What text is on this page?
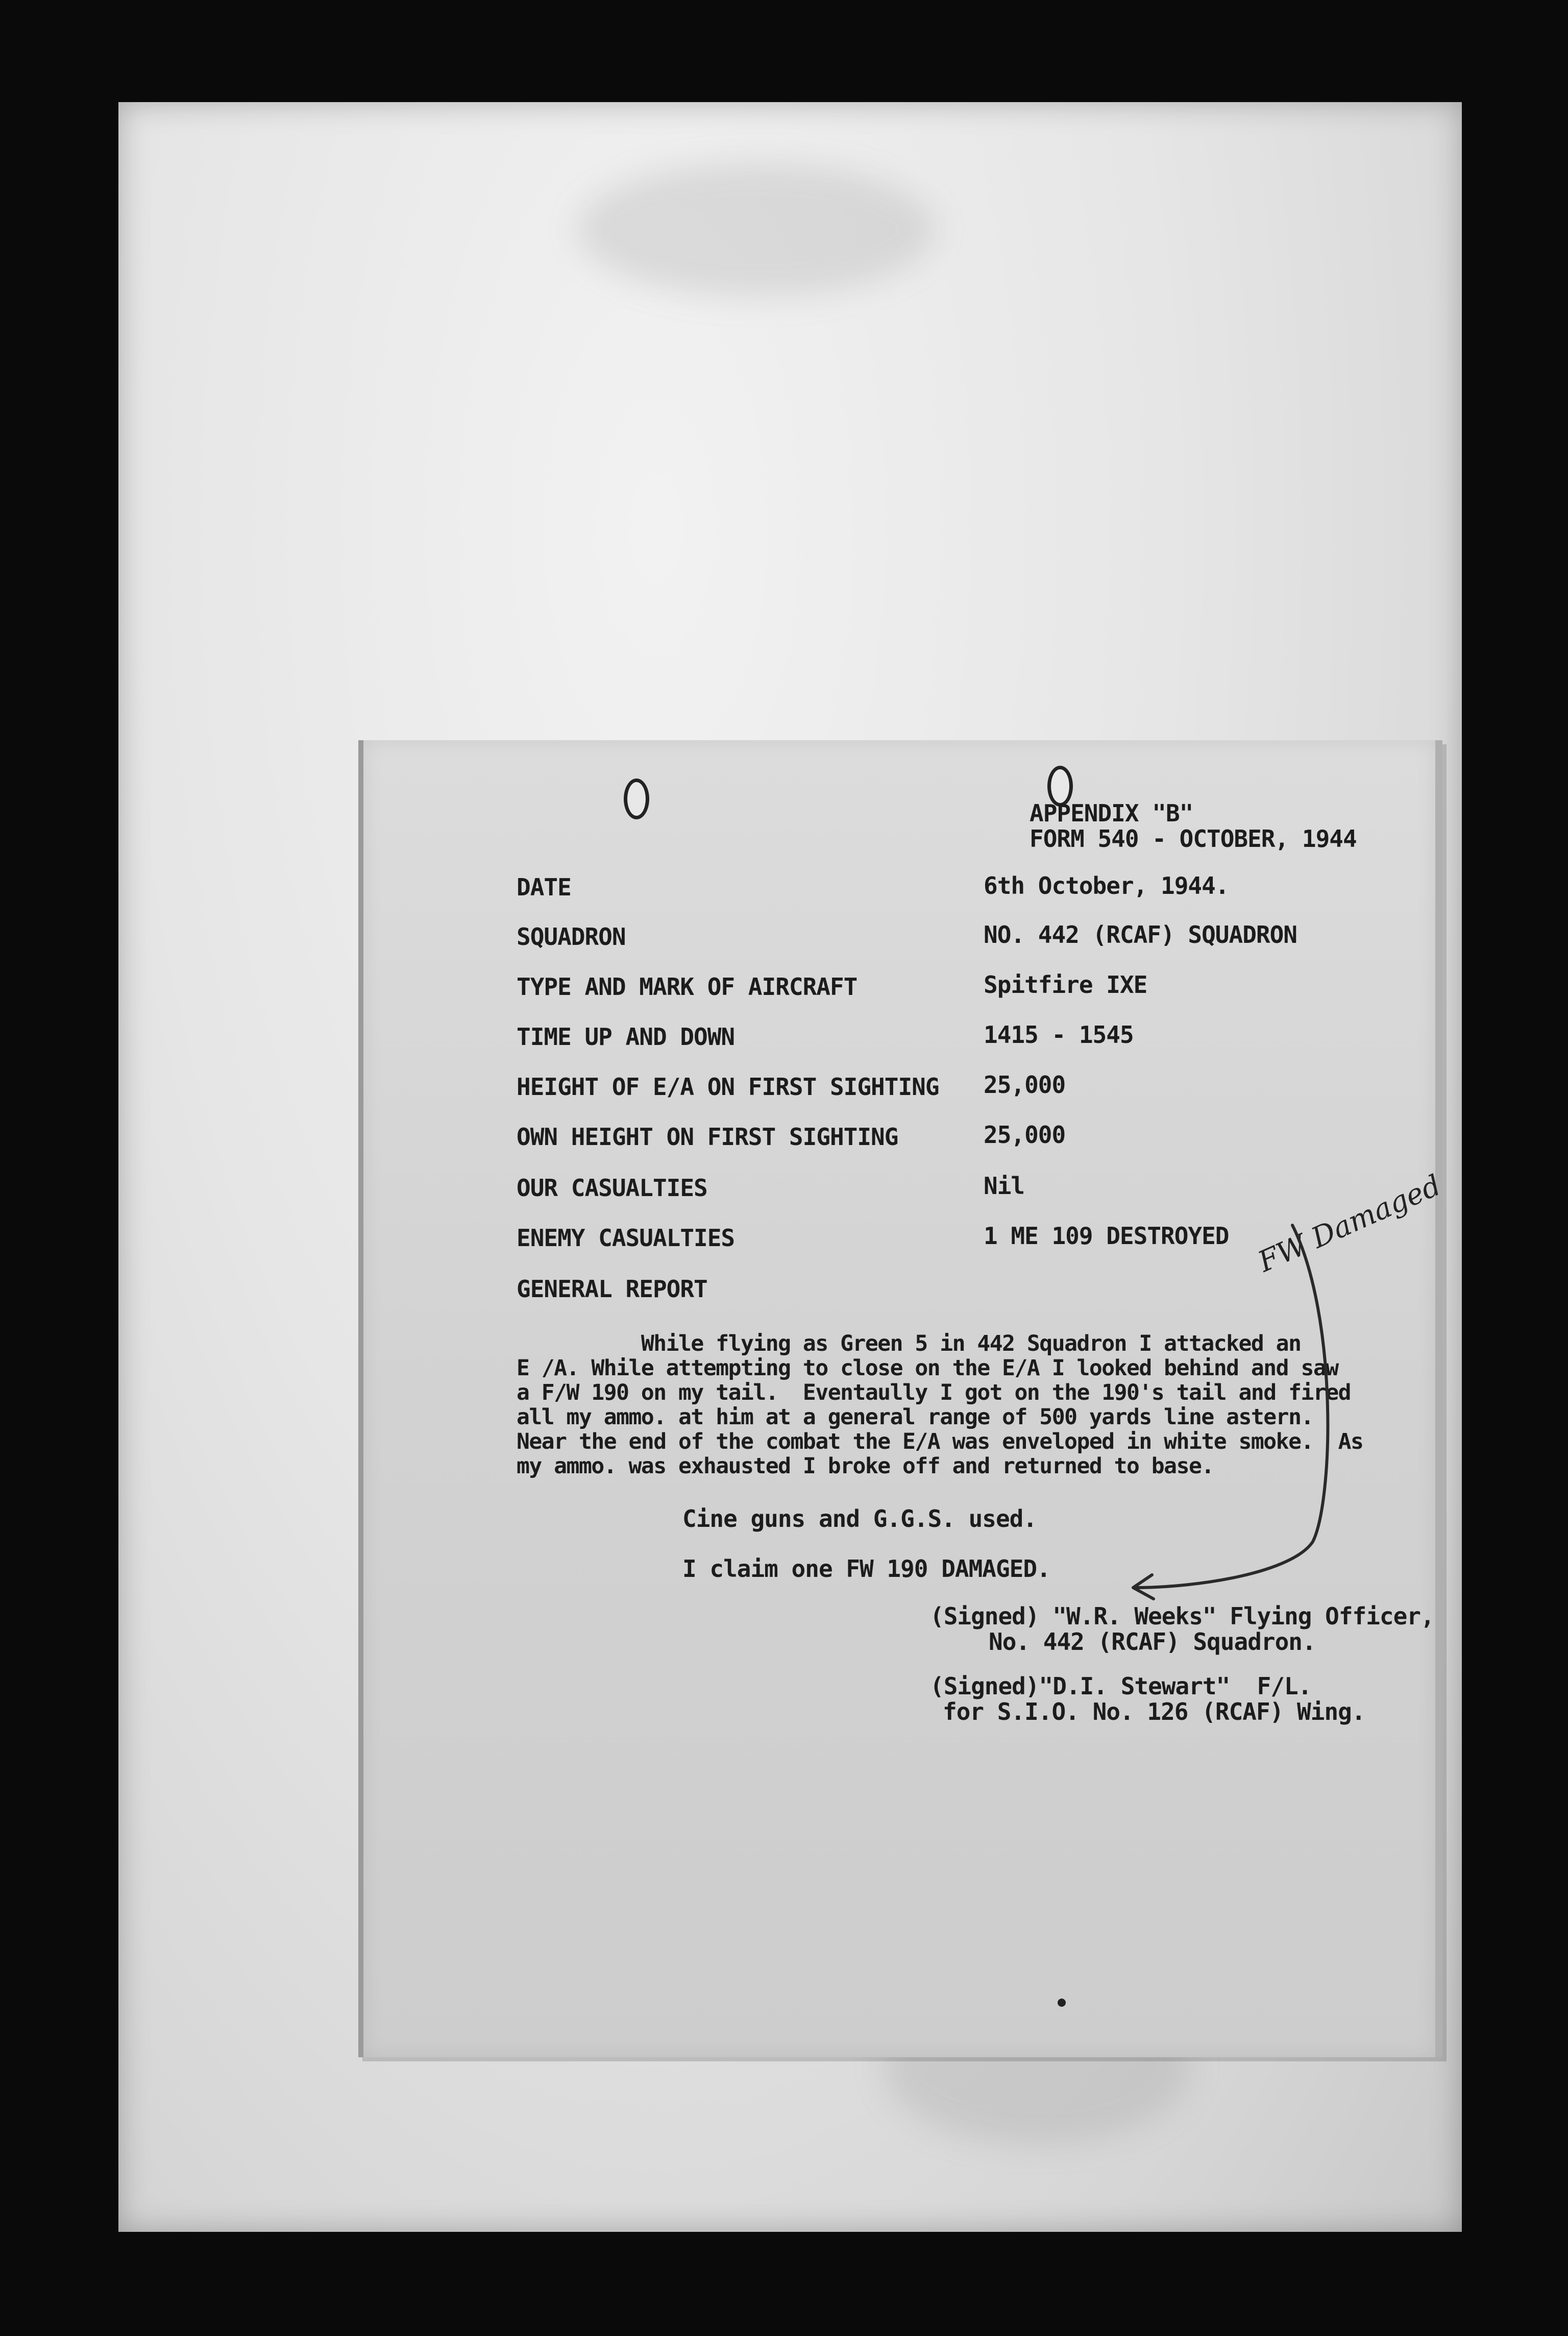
APPENDIX "B"
FORM 540 - OCTOBER, 1944
DATE	6th October, 1944.
SQUADRON	NO. 442 (RCAF) SQUADRON
TYPE AND MARK OF AIRCRAFT	Spitfire IXE
TIME UP AND DOWN	1415 - 1545
HEIGHT OF E/A ON FIRST SIGHTING 25,000
OWN HEIGHT ON FIRST SIGHTING	25,000
OUR CASUALTIES	Nil
ENEMY CASUALTIES	1 ME 109 DESTROYED
GENERAL REPORT
While flying as Green 5 in 442 Squadron I attacked an
E /A. While attempting to close on the E/A I looked behind and saw
a F/W 190 on my tail.  Eventaully I got on the 190's tail and fired
all my ammo. at him at a general range of 500 yards line astern.
Near the end of the combat the E/A was enveloped in white smoke.  As
my ammo. was exhausted I broke off and returned to base.
Cine guns and G.G.S. used.
I claim one FW 190 DAMAGED.
(Signed) "W.R. Weeks" Flying Officer,
No. 442 (RCAF) Squadron.
(Signed)"D.I. Stewart"  F/L.
for S.I.O. No. 126 (RCAF) Wing.
FW Damaged
